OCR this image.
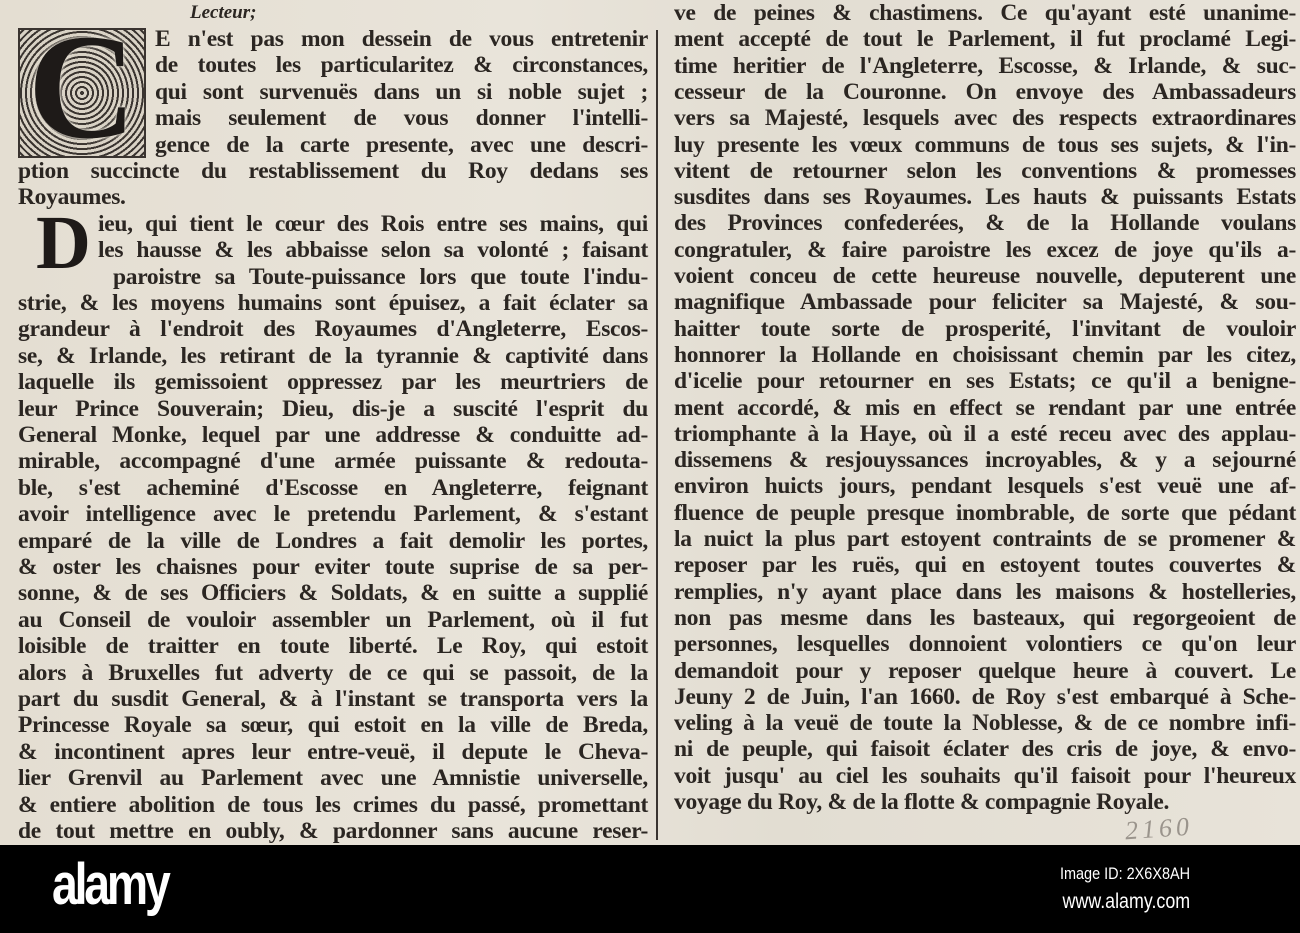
Lecteur;
C
D
E n'est pas mon dessein de vous entretenir
de toutes les particularitez & circonstances,
qui sont survenuës dans un si noble sujet ;
mais seulement de vous donner l'intelli-
gence de la carte presente, avec une descri-
ption succincte du restablissement du Roy dedans ses
Royaumes.
ieu, qui tient le cœur des Rois entre ses mains, qui
les hausse & les abbaisse selon sa volonté ; faisant
paroistre sa Toute-puissance lors que toute l'indu-
strie, & les moyens humains sont épuisez, a fait éclater sa
grandeur à l'endroit des Royaumes d'Angleterre, Escos-
se, & Irlande, les retirant de la tyrannie & captivité dans
laquelle ils gemissoient oppressez par les meurtriers de
leur Prince Souverain; Dieu, dis-je a suscité l'esprit du
General Monke, lequel par une addresse & conduitte ad-
mirable, accompagné d'une armée puissante & redouta-
ble, s'est acheminé d'Escosse en Angleterre, feignant
avoir intelligence avec le pretendu Parlement, & s'estant
emparé de la ville de Londres a fait demolir les portes,
& oster les chaisnes pour eviter toute suprise de sa per-
sonne, & de ses Officiers & Soldats, & en suitte a supplié
au Conseil de vouloir assembler un Parlement, où il fut
loisible de traitter en toute liberté. Le Roy, qui estoit
alors à Bruxelles fut adverty de ce qui se passoit, de la
part du susdit General, & à l'instant se transporta vers la
Princesse Royale sa sœur, qui estoit en la ville de Breda,
& incontinent apres leur entre-veuë, il depute le Cheva-
lier Grenvil au Parlement avec une Amnistie universelle,
& entiere abolition de tous les crimes du passé, promettant
de tout mettre en oubly, & pardonner sans aucune reser-
ve de peines & chastimens. Ce qu'ayant esté unanime-
ment accepté de tout le Parlement, il fut proclamé Legi-
time heritier de l'Angleterre, Escosse, & Irlande, & suc-
cesseur de la Couronne. On envoye des Ambassadeurs
vers sa Majesté, lesquels avec des respects extraordinares
luy presente les vœux communs de tous ses sujets, & l'in-
vitent de retourner selon les conventions & promesses
susdites dans ses Royaumes. Les hauts & puissants Estats
des Provinces confederées, & de la Hollande voulans
congratuler, & faire paroistre les excez de joye qu'ils a-
voient conceu de cette heureuse nouvelle, deputerent une
magnifique Ambassade pour feliciter sa Majesté, & sou-
haitter toute sorte de prosperité, l'invitant de vouloir
honnorer la Hollande en choisissant chemin par les citez,
d'icelie pour retourner en ses Estats; ce qu'il a benigne-
ment accordé, & mis en effect se rendant par une entrée
triomphante à la Haye, où il a esté receu avec des applau-
dissemens & resjouyssances incroyables, & y a sejourné
environ huicts jours, pendant lesquels s'est veuë une af-
fluence de peuple presque inombrable, de sorte que pédant
la nuict la plus part estoyent contraints de se promener &
reposer par les ruës, qui en estoyent toutes couvertes &
remplies, n'y ayant place dans les maisons & hostelleries,
non pas mesme dans les basteaux, qui regorgeoient de
personnes, lesquelles donnoient volontiers ce qu'on leur
demandoit pour y reposer quelque heure à couvert. Le
Jeuny 2 de Juin, l'an 1660. de Roy s'est embarqué à Sche-
veling à la veuë de toute la Noblesse, & de ce nombre infi-
ni de peuple, qui faisoit éclater des cris de joye, & envo-
voit jusqu' au ciel les souhaits qu'il faisoit pour l'heureux
voyage du Roy, & de la flotte & compagnie Royale.
2160
alamy	Image ID: 2X6X8AH
www.alamy.com
